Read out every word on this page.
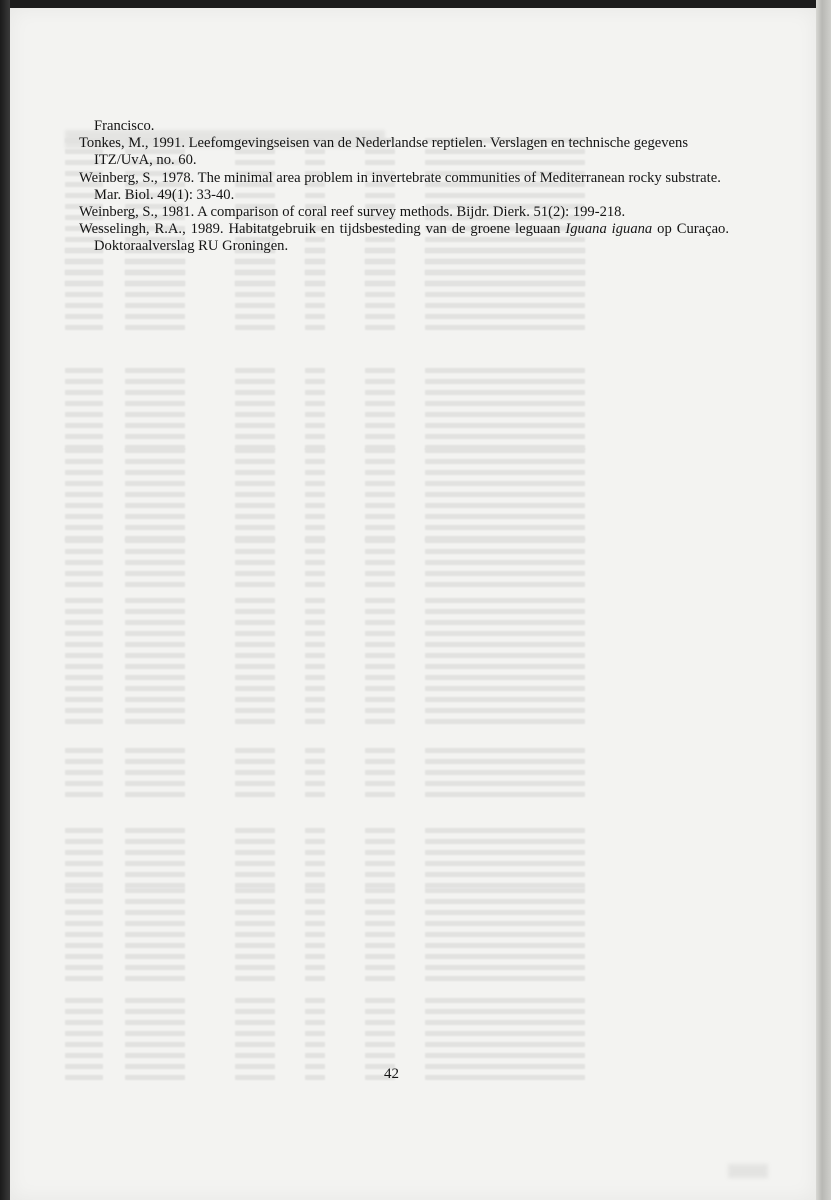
Francisco.

Tonkes, M., 1991. Leefomgevingseisen van de Nederlandse reptielen. Verslagen en technische gegevens ITZ/UvA, no. 60.

Weinberg, S., 1978. The minimal area problem in invertebrate communities of Mediterranean rocky substrate. Mar. Biol. 49(1): 33-40.

Weinberg, S., 1981. A comparison of coral reef survey methods. Bijdr. Dierk. 51(2): 199-218.

Wesselingh, R.A., 1989. Habitatgebruik en tijdsbesteding van de groene leguaan Iguana iguana op Curaçao. Doktoraalverslag RU Groningen.

42
